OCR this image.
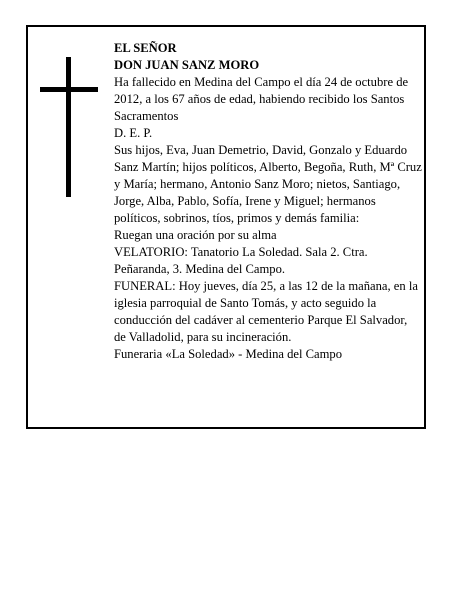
EL SEÑOR

DON JUAN SANZ MORO

Ha fallecido en Medina del Campo el día 24 de octubre de 2012, a los 67 años de edad, habiendo recibido los Santos Sacramentos

D. E. P.

Sus hijos, Eva, Juan Demetrio, David, Gonzalo y Eduardo Sanz Martín; hijos políticos, Alberto, Begoña, Ruth, Mª Cruz y María; hermano, Antonio Sanz Moro; nietos, Santiago, Jorge, Alba, Pablo, Sofía, Irene y Miguel; hermanos políticos, sobrinos, tíos, primos y demás familia:

Ruegan una oración por su alma

VELATORIO: Tanatorio La Soledad. Sala 2. Ctra. Peñaranda, 3. Medina del Campo.

FUNERAL: Hoy jueves, día 25, a las 12 de la mañana, en la iglesia parroquial de Santo Tomás, y acto seguido la conducción del cadáver al cementerio Parque El Salvador, de Valladolid, para su incineración.

Funeraria «La Soledad» - Medina del Campo
